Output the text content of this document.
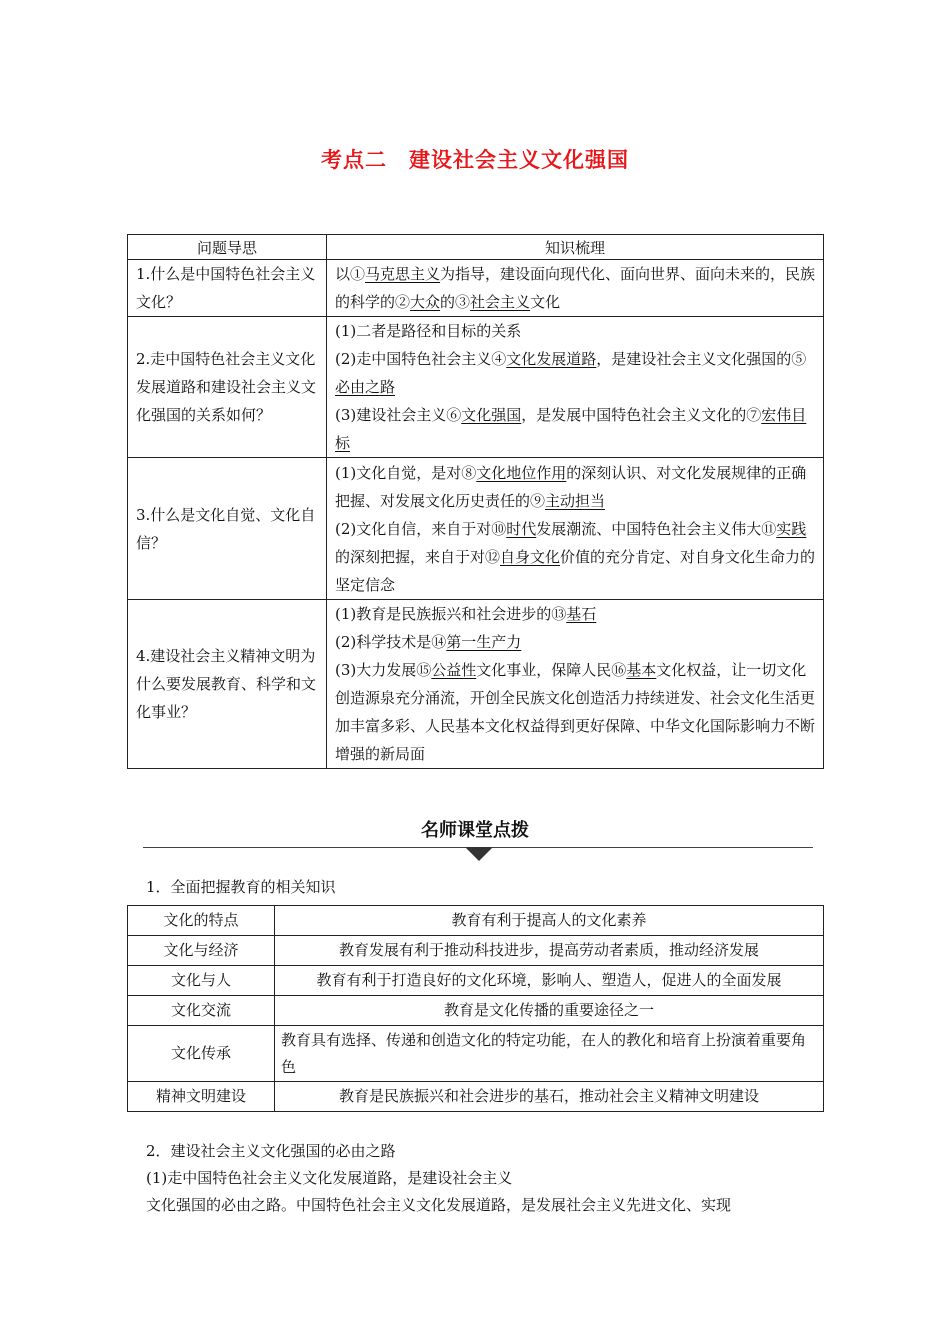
考点二　建设社会主义文化强国
问题导思	知识梳理
1.什么是中国特色社会主义文化？	以①马克思主义为指导，建设面向现代化、面向世界、面向未来的，民族的科学的②大众的③社会主义文化

2.走中国特色社会主义文化发展道路和建设社会主义文化强国的关系如何？	(1)二者是路径和目标的关系
(2)走中国特色社会主义④文化发展道路，是建设社会主义文化强国的⑤必由之路
(3)建设社会主义⑥文化强国，是发展中国特色社会主义文化的⑦宏伟目标

3.什么是文化自觉、文化自信？	(1)文化自觉，是对⑧文化地位作用的深刻认识、对文化发展规律的正确把握、对发展文化历史责任的⑨主动担当
(2)文化自信，来自于对⑩时代发展潮流、中国特色社会主义伟大⑪实践的深刻把握，来自于对⑫自身文化价值的充分肯定、对自身文化生命力的坚定信念

4.建设社会主义精神文明为什么要发展教育、科学和文化事业？	(1)教育是民族振兴和社会进步的⑬基石
(2)科学技术是⑭第一生产力
(3)大力发展⑮公益性文化事业，保障人民⑯基本文化权益，让一切文化创造源泉充分涌流，开创全民族文化创造活力持续迸发、社会文化生活更加丰富多彩、人民基本文化权益得到更好保障、中华文化国际影响力不断增强的新局面
名师课堂点拨
1．全面把握教育的相关知识
文化的特点	教育有利于提高人的文化素养
文化与经济	教育发展有利于推动科技进步，提高劳动者素质，推动经济发展
文化与人	教育有利于打造良好的文化环境，影响人、塑造人，促进人的全面发展
文化交流	教育是文化传播的重要途径之一
文化传承	教育具有选择、传递和创造文化的特定功能，在人的教化和培育上扮演着重要角色
精神文明建设	教育是民族振兴和社会进步的基石，推动社会主义精神文明建设
2．建设社会主义文化强国的必由之路
(1)走中国特色社会主义文化发展道路，是建设社会主义
文化强国的必由之路。中国特色社会主义文化发展道路，是发展社会主义先进文化、实现
